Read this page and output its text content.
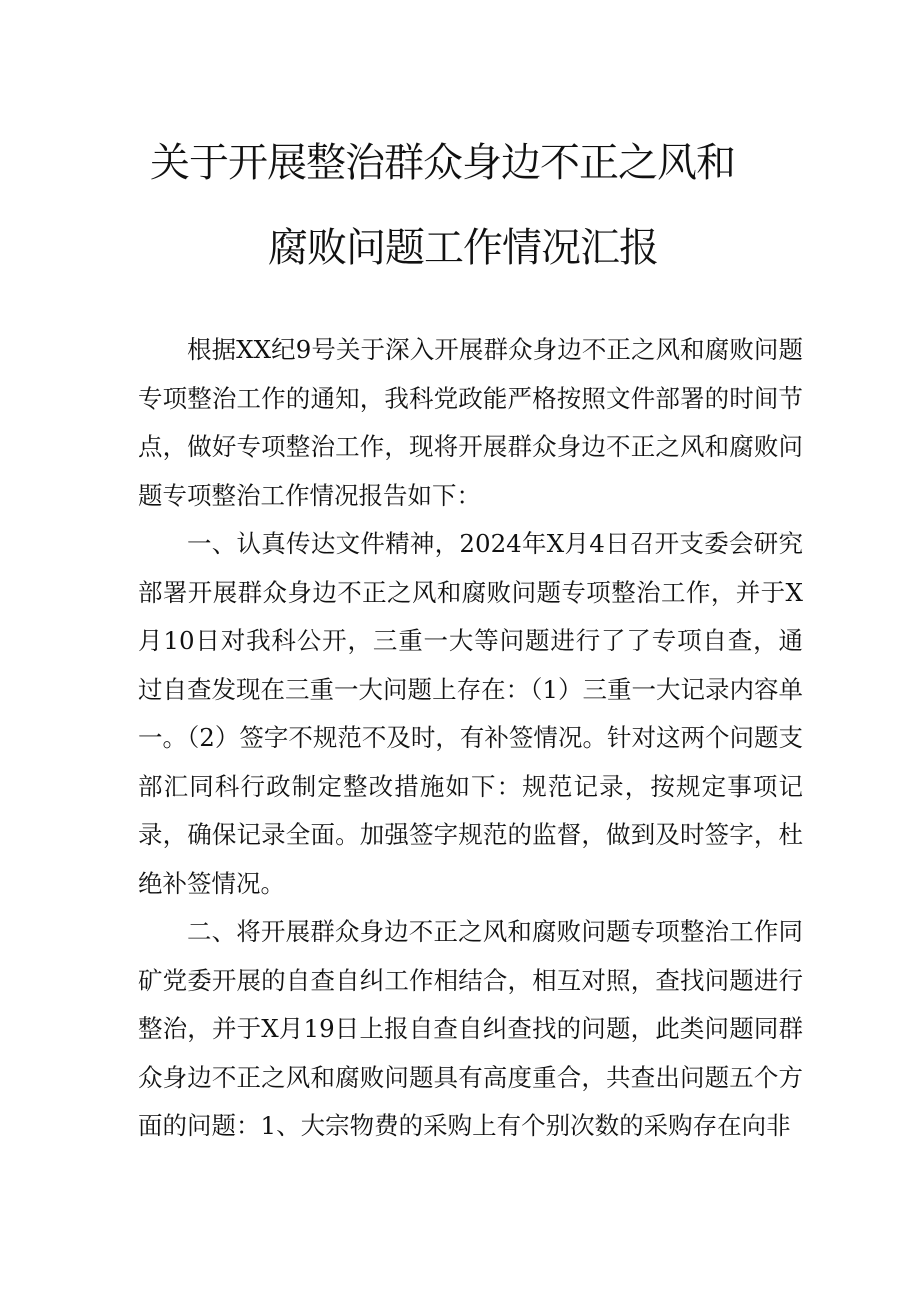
关于开展整治群众身边不正之风和
腐败问题工作情况汇报

根据XX纪9号关于深入开展群众身边不正之风和腐败问题专项整治工作的通知，我科党政能严格按照文件部署的时间节点，做好专项整治工作，现将开展群众身边不正之风和腐败问题专项整治工作情况报告如下：

一、认真传达文件精神，2024年X月4日召开支委会研究部署开展群众身边不正之风和腐败问题专项整治工作，并于X月10日对我科公开，三重一大等问题进行了了专项自查，通过自查发现在三重一大问题上存在：（1）三重一大记录内容单一。（2）签字不规范不及时，有补签情况。针对这两个问题支部汇同科行政制定整改措施如下：规范记录，按规定事项记录，确保记录全面。加强签字规范的监督，做到及时签字，杜绝补签情况。

二、将开展群众身边不正之风和腐败问题专项整治工作同矿党委开展的自查自纠工作相结合，相互对照，查找问题进行整治，并于X月19日上报自查自纠查找的问题，此类问题同群众身边不正之风和腐败问题具有高度重合，共查出问题五个方面的问题：1、大宗物费的采购上有个别次数的采购存在向非
